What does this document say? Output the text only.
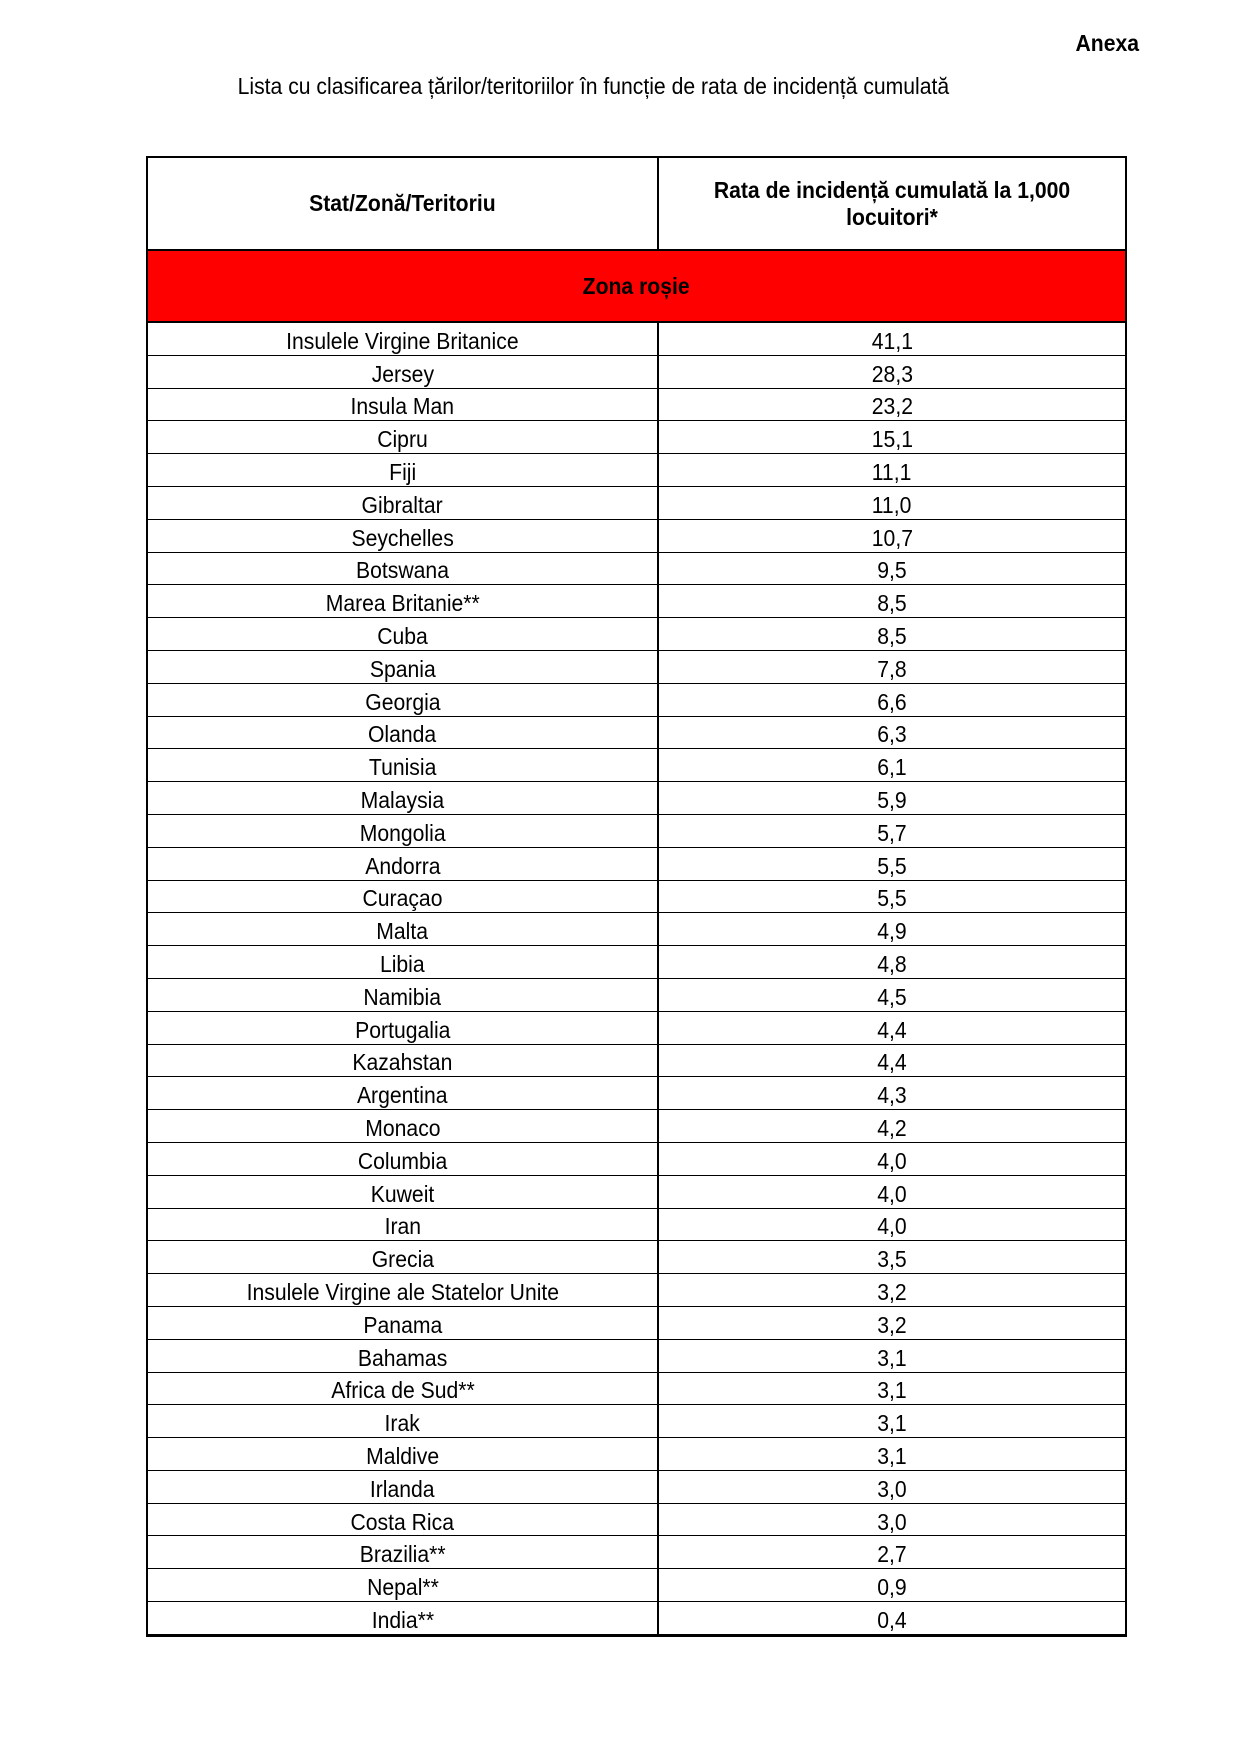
Anexa
Lista cu clasificarea țărilor/teritoriilor în funcție de rata de incidență cumulată
Stat/Zonă/Teritoriu	Rata de incidență cumulată la 1,000 locuitori*
Zona roșie	
Insulele Virgine Britanice	41,1
Jersey	28,3
Insula Man	23,2
Cipru	15,1
Fiji	11,1
Gibraltar	11,0
Seychelles	10,7
Botswana	9,5
Marea Britanie**	8,5
Cuba	8,5
Spania	7,8
Georgia	6,6
Olanda	6,3
Tunisia	6,1
Malaysia	5,9
Mongolia	5,7
Andorra	5,5
Curaçao	5,5
Malta	4,9
Libia	4,8
Namibia	4,5
Portugalia	4,4
Kazahstan	4,4
Argentina	4,3
Monaco	4,2
Columbia	4,0
Kuweit	4,0
Iran	4,0
Grecia	3,5
Insulele Virgine ale Statelor Unite	3,2
Panama	3,2
Bahamas	3,1
Africa de Sud**	3,1
Irak	3,1
Maldive	3,1
Irlanda	3,0
Costa Rica	3,0
Brazilia**	2,7
Nepal**	0,9
India**	0,4
